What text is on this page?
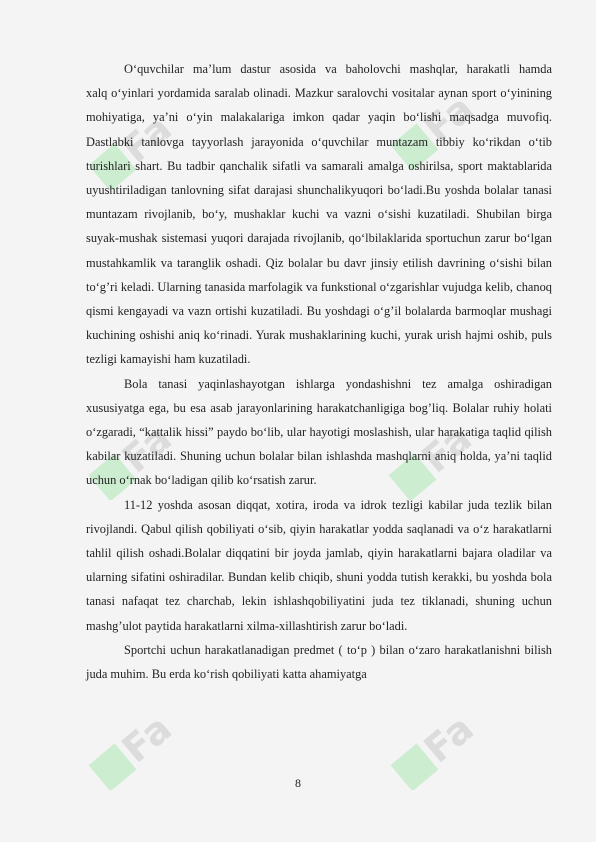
Fa	Fa
Fa	Fa
Fa	Fa

O‘quvchilar ma’lum dastur asosida va baholovchi mashqlar, harakatli hamda

xalq o‘yinlari yordamida saralab olinadi. Mazkur saralovchi vositalar aynan sport o‘yinining mohiyatiga, ya’ni o‘yin malakalariga imkon qadar yaqin bo‘lishi maqsadga muvofiq. Dastlabki tanlovga tayyorlash jarayonida o‘quvchilar muntazam tibbiy ko‘rikdan o‘tib turishlari shart. Bu tadbir qanchalik sifatli va samarali amalga oshirilsa, sport maktablarida uyushtiriladigan tanlovning sifat darajasi shunchalikyuqori bo‘ladi.Bu yoshda bolalar tanasi muntazam rivojlanib, bo‘y, mushaklar kuchi va vazni o‘sishi kuzatiladi. Shubilan birga suyak-mushak sistemasi yuqori darajada rivojlanib, qo‘lbilaklarida sportuchun zarur bo‘lgan mustahkamlik va taranglik oshadi. Qiz bolalar bu davr jinsiy etilish davrining o‘sishi bilan to‘g’ri keladi. Ularning tanasida marfolagik va funkstional o‘zgarishlar vujudga kelib, chanoq qismi kengayadi va vazn ortishi kuzatiladi. Bu yoshdagi o‘g’il bolalarda barmoqlar mushagi kuchining oshishi aniq ko‘rinadi. Yurak mushaklarining kuchi, yurak urish hajmi oshib, puls tezligi kamayishi ham kuzatiladi.

Bola tanasi yaqinlashayotgan ishlarga yondashishni tez amalga oshiradigan xususiyatga ega, bu esa asab jarayonlarining harakatchanligiga bog’liq. Bolalar ruhiy holati o‘zgaradi, “kattalik hissi” paydo bo‘lib, ular hayotigi moslashish, ular harakatiga taqlid qilish kabilar kuzatiladi. Shuning uchun bolalar bilan ishlashda mashqlarni aniq holda, ya’ni taqlid uchun o‘rnak bo‘ladigan qilib ko‘rsatish zarur.

11-12 yoshda asosan diqqat, xotira, iroda va idrok tezligi kabilar juda tezlik bilan rivojlandi. Qabul qilish qobiliyati o‘sib, qiyin harakatlar yodda saqlanadi va o‘z harakatlarni tahlil qilish oshadi.Bolalar diqqatini bir joyda jamlab, qiyin harakatlarni bajara oladilar va ularning sifatini oshiradilar. Bundan kelib chiqib, shuni yodda tutish kerakki, bu yoshda bola tanasi nafaqat tez charchab, lekin ishlashqobiliyatini juda tez tiklanadi, shuning uchun mashg’ulot paytida harakatlarni xilma-xillashtirish zarur bo‘ladi.

Sportchi uchun harakatlanadigan predmet ( to‘p ) bilan o‘zaro harakatlanishni bilish juda muhim. Bu erda ko‘rish qobiliyati katta ahamiyatga

8
